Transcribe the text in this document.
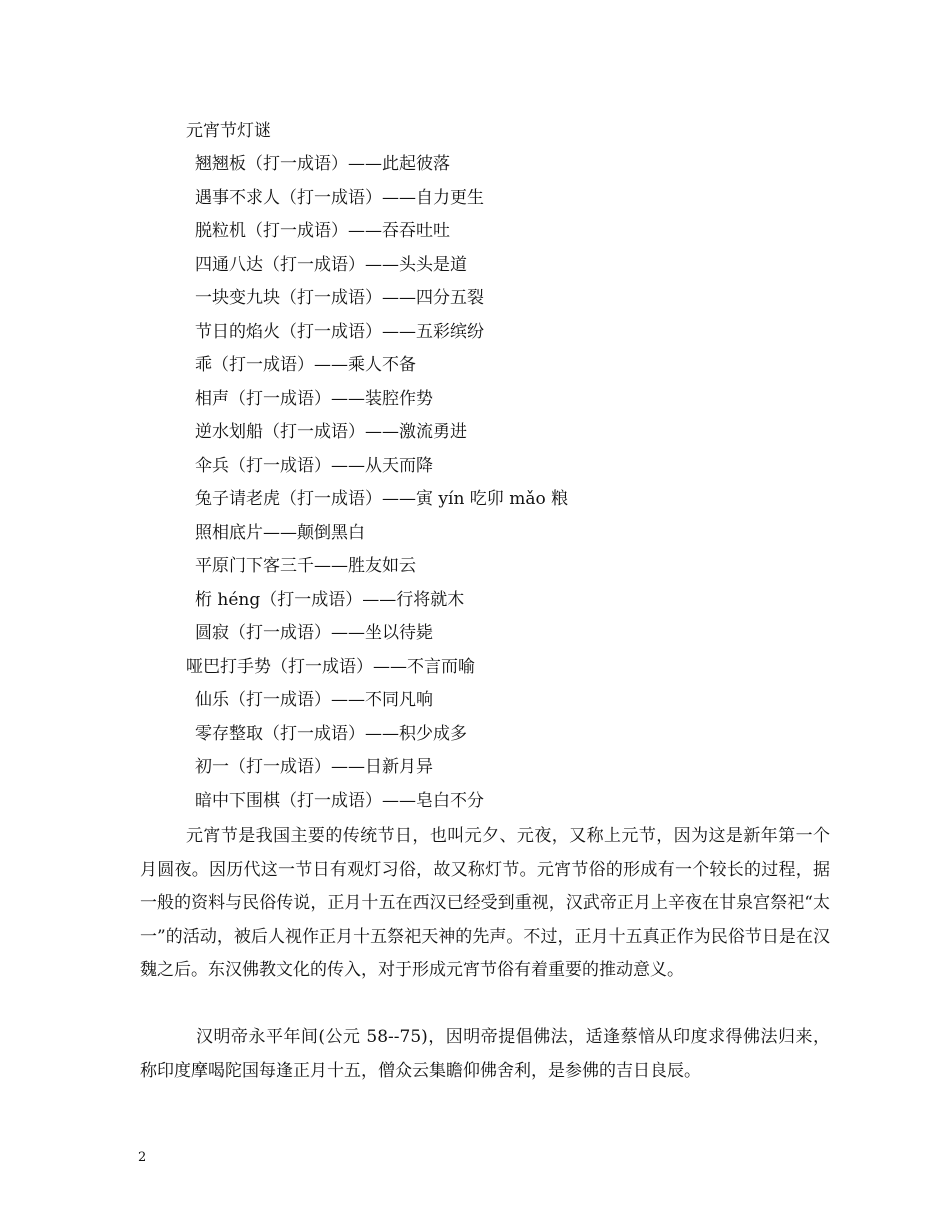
元宵节灯谜
翘翘板（打一成语）——此起彼落
遇事不求人（打一成语）——自力更生
脱粒机（打一成语）——吞吞吐吐
四通八达（打一成语）——头头是道
一块变九块（打一成语）——四分五裂
节日的焰火（打一成语）——五彩缤纷
乖（打一成语）——乘人不备
相声（打一成语）——装腔作势
逆水划船（打一成语）——激流勇进
伞兵（打一成语）——从天而降
兔子请老虎（打一成语）——寅 yín 吃卯 mǎo 粮
照相底片——颠倒黑白
平原门下客三千——胜友如云
桁 héng（打一成语）——行将就木
圆寂（打一成语）——坐以待毙
哑巴打手势（打一成语）——不言而喻
仙乐（打一成语）——不同凡响
零存整取（打一成语）——积少成多
初一（打一成语）——日新月异
暗中下围棋（打一成语）——皂白不分

元宵节是我国主要的传统节日，也叫元夕、元夜，又称上元节，因为这是新年第一个月圆夜。因历代这一节日有观灯习俗，故又称灯节。元宵节俗的形成有一个较长的过程，据一般的资料与民俗传说，正月十五在西汉已经受到重视，汉武帝正月上辛夜在甘泉宫祭祀“太一”的活动，被后人视作正月十五祭祀天神的先声。不过，正月十五真正作为民俗节日是在汉魏之后。东汉佛教文化的传入，对于形成元宵节俗有着重要的推动意义。

汉明帝永平年间(公元 58--75)，因明帝提倡佛法，适逢蔡愔从印度求得佛法归来，称印度摩喝陀国每逢正月十五，僧众云集瞻仰佛舍利，是参佛的吉日良辰。

2
